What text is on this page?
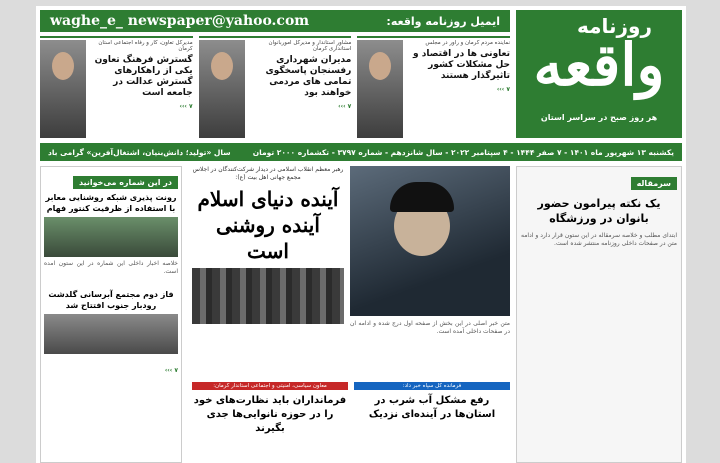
روزنامه
واقعه
هر روز صبح در سراسر استان
ایمیل روزنامه واقعه:
waghe_e_ newspaper@yahoo.com
نماینده مردم کرمان و راور در مجلس
تعاونی ها در اقتصاد و حل مشکلات کشور تاثیرگذار هستند
۷ ›››
مشاور استاندار و مدیرکل اموربانوان استانداری کرمان
مدیران شهرداری رفسنجان پاسخگوی تمامی های مردمی خواهند بود
۷ ›››
مدیرکل تعاون، کار و رفاه اجتماعی استان کرمان
گسترش فرهنگ تعاون یکی از راهکارهای گسترش عدالت در جامعه است
۷ ›››
یکشنبه ۱۳ شهریور ماه ۱۴۰۱ - ۷ صفر ۱۴۴۴ - ۴ سپتامبر ۲۰۲۲ - سال شانزدهم - شماره ۳۷۹۷ - تکشماره ۲۰۰۰ تومان
سال «تولید؛ دانش‌بنیان، اشتغال‌آفرین» گرامی باد
سرمقاله
یک نکته پیرامون حضور بانوان در ورزشگاه
ابتدای مطلب و خلاصه سرمقاله در این ستون قرار دارد و ادامه متن در صفحات داخلی روزنامه منتشر شده است.
متن خبر اصلی در این بخش از صفحه اول درج شده و ادامه آن در صفحات داخلی آمده است.
رهبر معظم انقلاب اسلامی در دیدار شرکت‌کنندگان در اجلاس مجمع جهانی اهل بیت (ع):
آینده دنیای اسلام آینده روشنی است
فرمانده کل سپاه خبر داد:
رفع مشکل آب شرب در استان‌ها در آینده‌ای نزدیک
معاون سیاسی، امنیتی و اجتماعی استاندار کرمان:
فرمانداران باید نظارت‌های خود را در حوزه نانوایی‌ها جدی بگیرند
در این شماره می‌خوانید
رونت پذیری شبکه روشنایی معابر با استفاده از ظرفیت کنتور فهام
خلاصه اخبار داخلی این شماره در این ستون آمده است.
فاز دوم مجتمع آبرسانی گلدشت رودبار جنوب افتتاح شد
۷ ›››
